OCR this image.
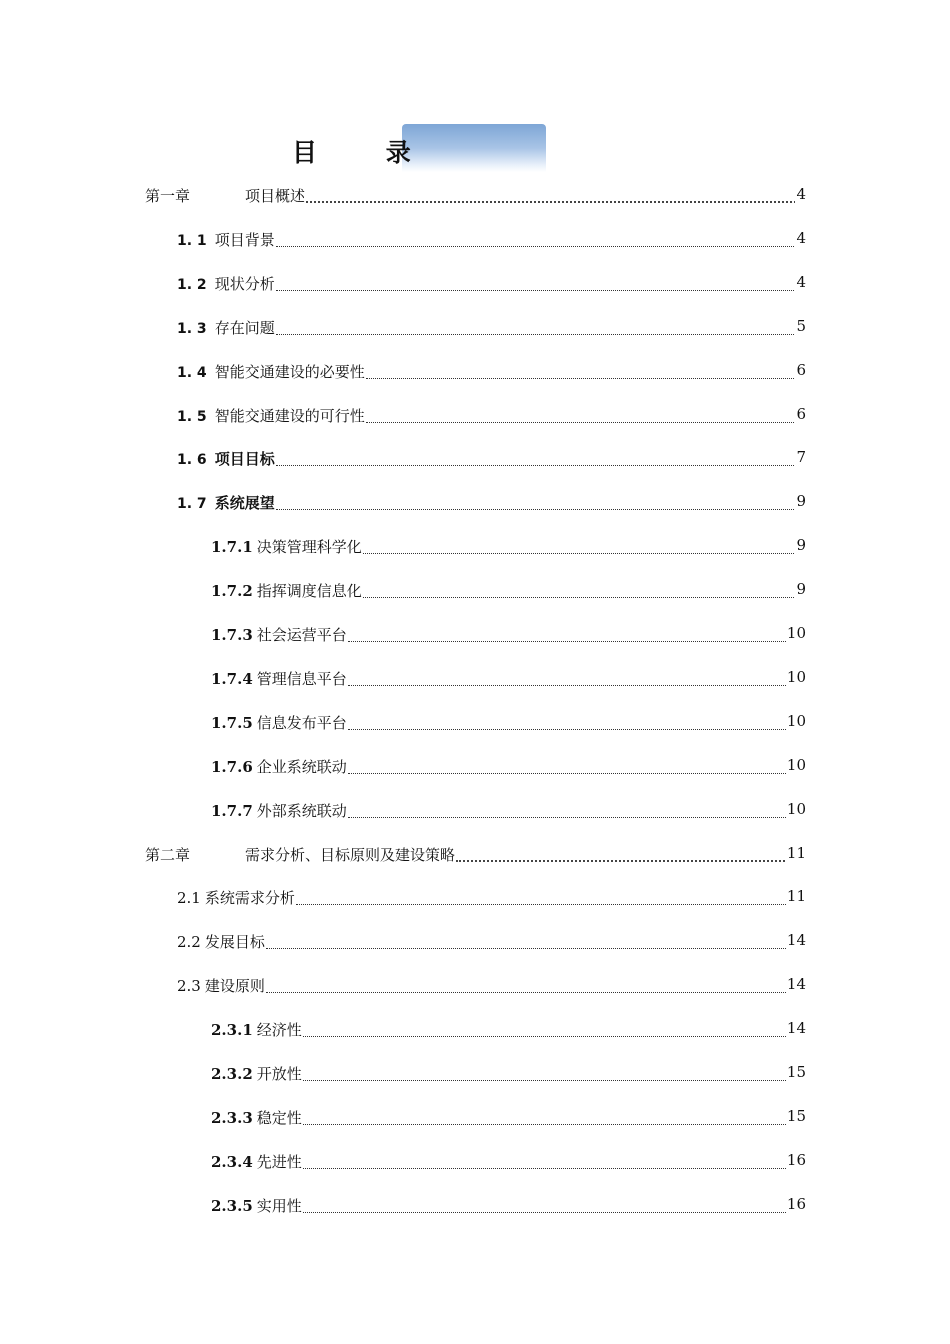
目 录
第一章	项目概述	4
1. 1 项目背景	4
1. 2 现状分析	4
1. 3 存在问题	5
1. 4 智能交通建设的必要性	6
1. 5 智能交通建设的可行性	6
1. 6 项目目标	7
1. 7 系统展望	9
1.7.1 决策管理科学化	9
1.7.2 指挥调度信息化	9
1.7.3 社会运营平台	10
1.7.4 管理信息平台	10
1.7.5 信息发布平台	10
1.7.6 企业系统联动	10
1.7.7 外部系统联动	10
第二章	需求分析、目标原则及建设策略	11
2.1 系统需求分析	11
2.2 发展目标	14
2.3 建设原则	14
2.3.1 经济性	14
2.3.2 开放性	15
2.3.3 稳定性	15
2.3.4 先进性	16
2.3.5 实用性	16
